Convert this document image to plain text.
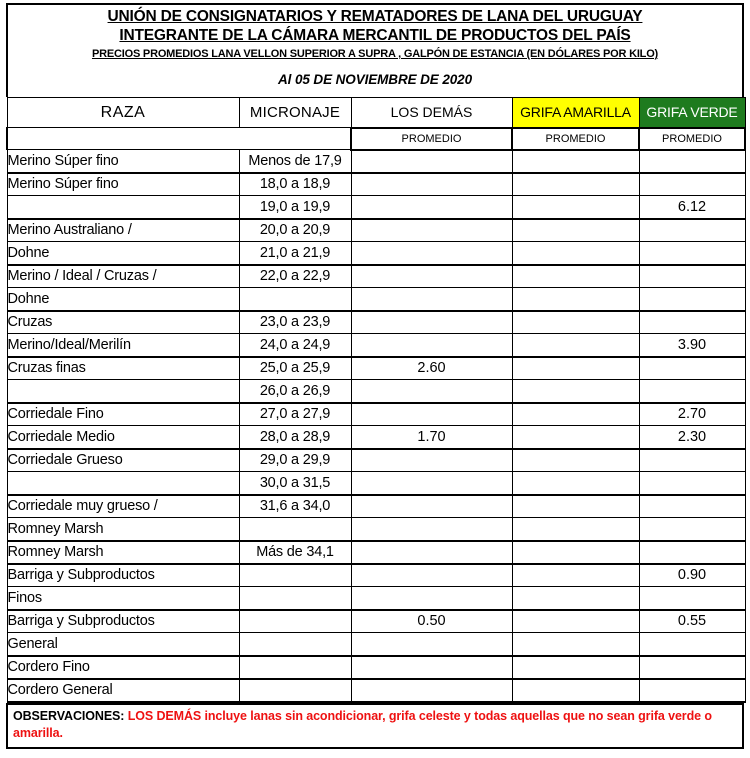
UNIÓN DE CONSIGNATARIOS Y REMATADORES DE LANA DEL URUGUAY
INTEGRANTE DE LA CÁMARA MERCANTIL DE PRODUCTOS DEL PAÍS
PRECIOS PROMEDIOS LANA VELLON SUPERIOR A SUPRA , GALPÓN DE ESTANCIA (EN DÓLARES POR KILO)
Al 05 DE NOVIEMBRE DE 2020
RAZA	MICRONAJE	LOS DEMÁS	GRIFA AMARILLA	GRIFA VERDE
		PROMEDIO	PROMEDIO	PROMEDIO
Merino Súper fino	Menos de 17,9			
Merino Súper fino	18,0 a 18,9			
	19,0 a 19,9			6.12
Merino Australiano /	20,0 a 20,9			
Dohne	21,0 a 21,9			
Merino / Ideal / Cruzas /	22,0 a 22,9			
Dohne				
Cruzas	23,0 a 23,9			
Merino/Ideal/Merilín	24,0 a 24,9			3.90
Cruzas finas	25,0 a 25,9	2.60		
	26,0 a 26,9			
Corriedale Fino	27,0 a 27,9			2.70
Corriedale Medio	28,0 a 28,9	1.70		2.30
Corriedale Grueso	29,0 a 29,9			
	30,0 a 31,5			
Corriedale muy grueso /	31,6 a 34,0			
Romney Marsh				
Romney Marsh	Más de 34,1			
Barriga y Subproductos				0.90
Finos				
Barriga y Subproductos		0.50		0.55
General				
Cordero Fino				
Cordero General				
OBSERVACIONES: LOS DEMÁS incluye lanas sin acondicionar, grifa celeste y todas aquellas que no sean grifa verde o amarilla.
